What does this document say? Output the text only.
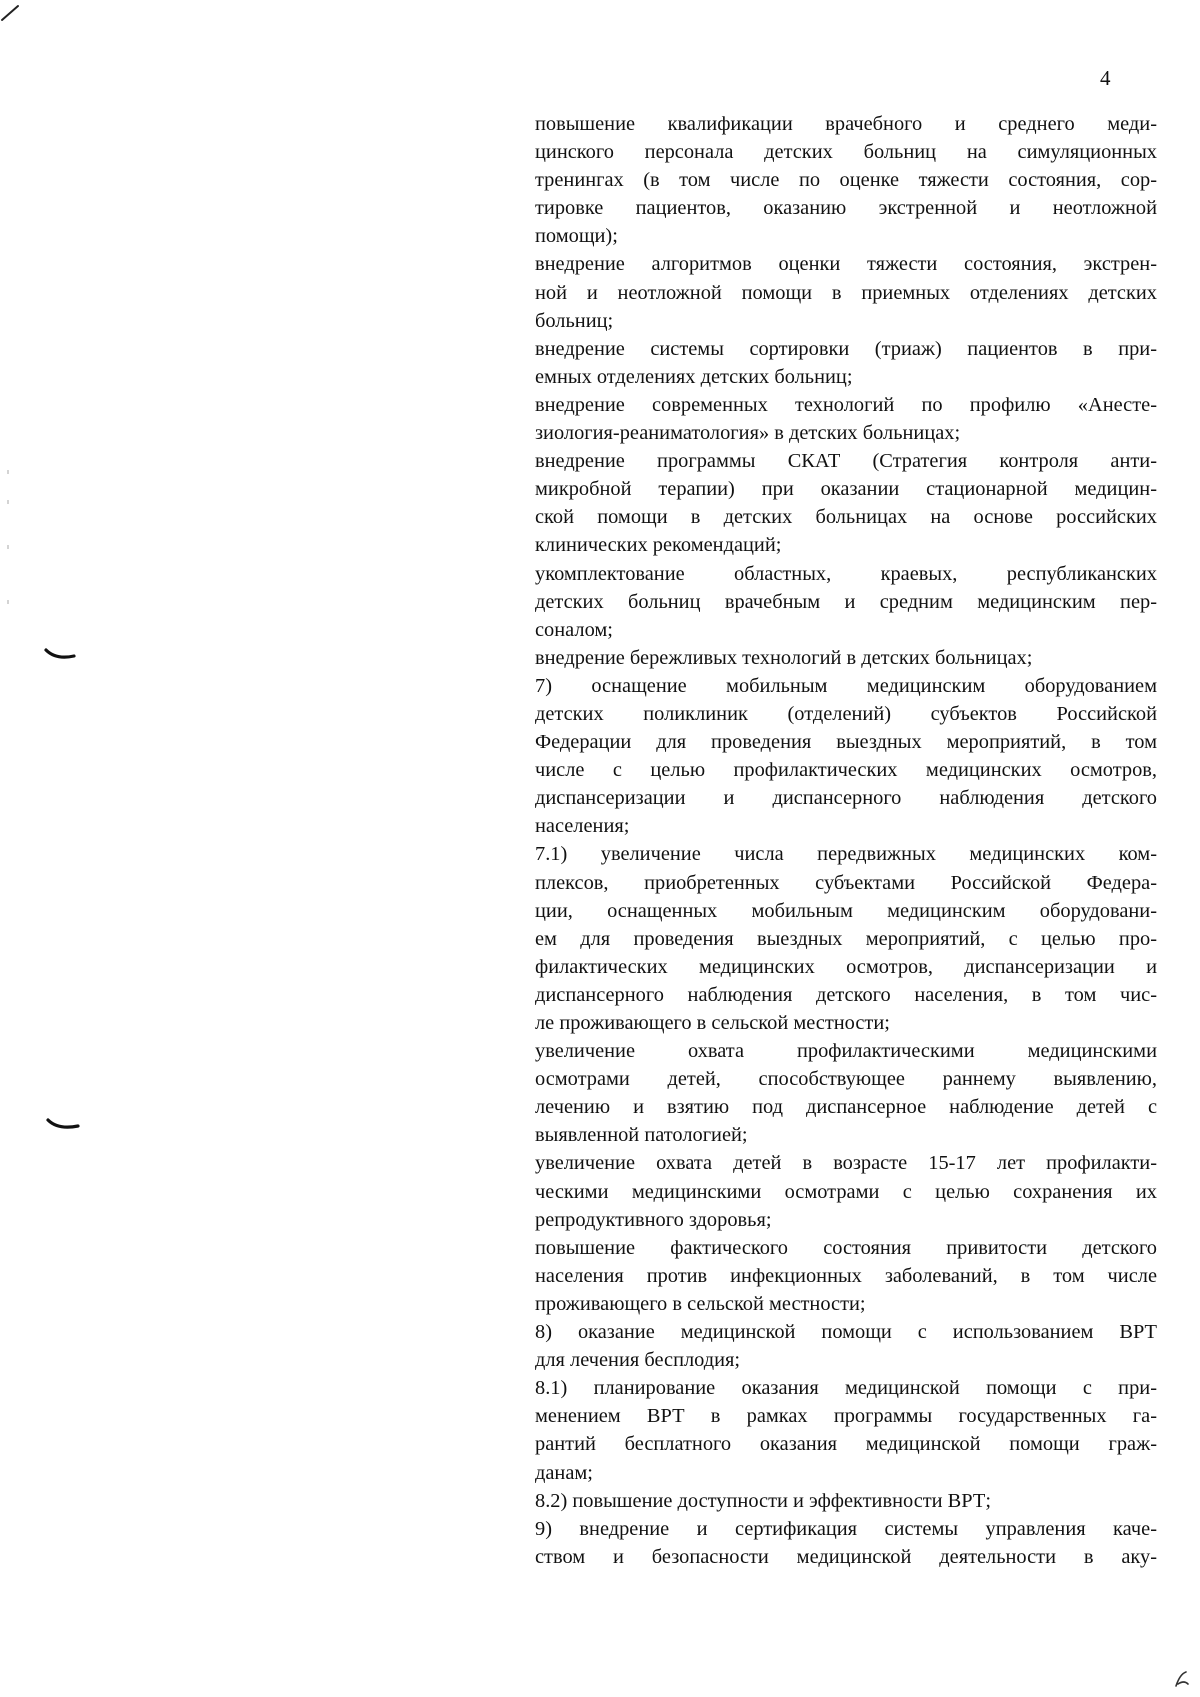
4
повышение квалификации врачебного и среднего меди-
цинского персонала детских больниц на симуляционных
тренингах (в том числе по оценке тяжести состояния, сор-
тировке пациентов, оказанию экстренной и неотложной
помощи);
внедрение алгоритмов оценки тяжести состояния, экстрен-
ной и неотложной помощи в приемных отделениях детских
больниц;
внедрение системы сортировки (триаж) пациентов в при-
емных отделениях детских больниц;
внедрение современных технологий по профилю «Анесте-
зиология-реаниматология» в детских больницах;
внедрение программы СКАТ (Стратегия контроля анти-
микробной терапии) при оказании стационарной медицин-
ской помощи в детских больницах на основе российских
клинических рекомендаций;
укомплектование областных, краевых, республиканских
детских больниц врачебным и средним медицинским пер-
соналом;
внедрение бережливых технологий в детских больницах;
7) оснащение мобильным медицинским оборудованием
детских поликлиник (отделений) субъектов Российской
Федерации для проведения выездных мероприятий, в том
числе с целью профилактических медицинских осмотров,
диспансеризации и диспансерного наблюдения детского
населения;
7.1) увеличение числа передвижных медицинских ком-
плексов, приобретенных субъектами Российской Федера-
ции, оснащенных мобильным медицинским оборудовани-
ем для проведения выездных мероприятий, с целью про-
филактических медицинских осмотров, диспансеризации и
диспансерного наблюдения детского населения, в том чис-
ле проживающего в сельской местности;
увеличение охвата профилактическими медицинскими
осмотрами детей, способствующее раннему выявлению,
лечению и взятию под диспансерное наблюдение детей с
выявленной патологией;
увеличение охвата детей в возрасте 15-17 лет профилакти-
ческими медицинскими осмотрами с целью сохранения их
репродуктивного здоровья;
повышение фактического состояния привитости детского
населения против инфекционных заболеваний, в том числе
проживающего в сельской местности;
8) оказание медицинской помощи с использованием ВРТ
для лечения бесплодия;
8.1) планирование оказания медицинской помощи с при-
менением ВРТ в рамках программы государственных га-
рантий бесплатного оказания медицинской помощи граж-
данам;
8.2) повышение доступности и эффективности ВРТ;
9) внедрение и сертификация системы управления каче-
ством и безопасности медицинской деятельности в аку-
